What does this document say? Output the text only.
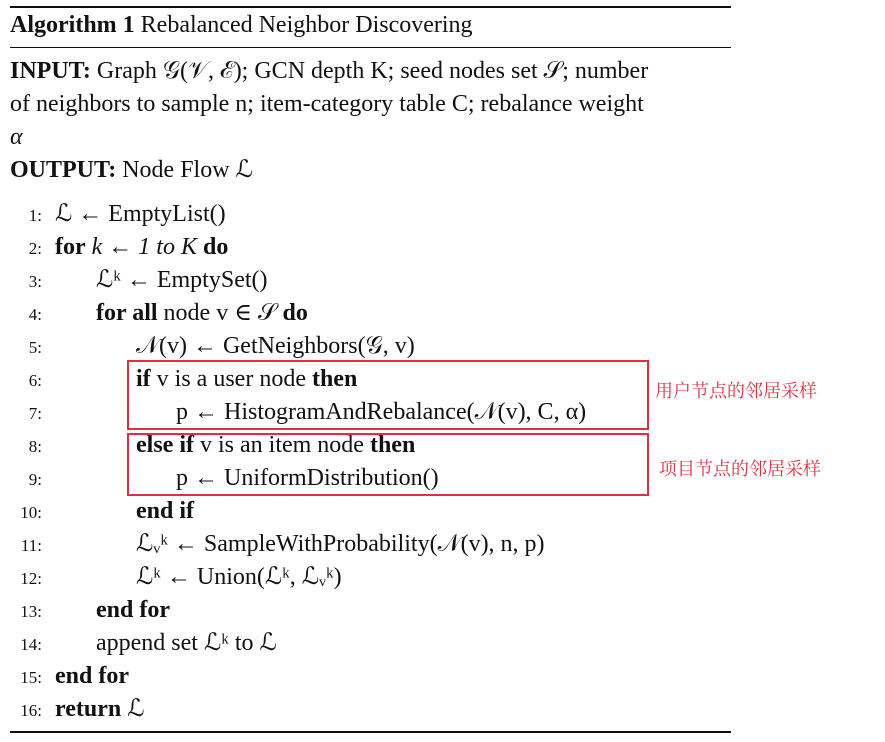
Algorithm 1 Rebalanced Neighbor Discovering
INPUT: Graph 𝒢(𝒱, ℰ); GCN depth K; seed nodes set 𝒮; number
of neighbors to sample n; item-category table C; rebalance weight
α
OUTPUT: Node Flow ℒ
1: ℒ ← EmptyList()
2: for k ← 1 to K do
3: ℒᵏ ← EmptySet()
4: for all node v ∈ 𝒮 do
5:	𝒩(v) ← GetNeighbors(𝒢, v)
6:	if v is a user node then
7:	p ← HistogramAndRebalance(𝒩(v), C, α)
8:	else if v is an item node then
9:	p ← UniformDistribution()
10:	end if
11:	ℒᵥᵏ ← SampleWithProbability(𝒩(v), n, p)
12:	ℒᵏ ← Union(ℒᵏ, ℒᵥᵏ)
13: end for
14: append set ℒᵏ to ℒ
15: end for
16: return ℒ
用户节点的邻居采样
项目节点的邻居采样
